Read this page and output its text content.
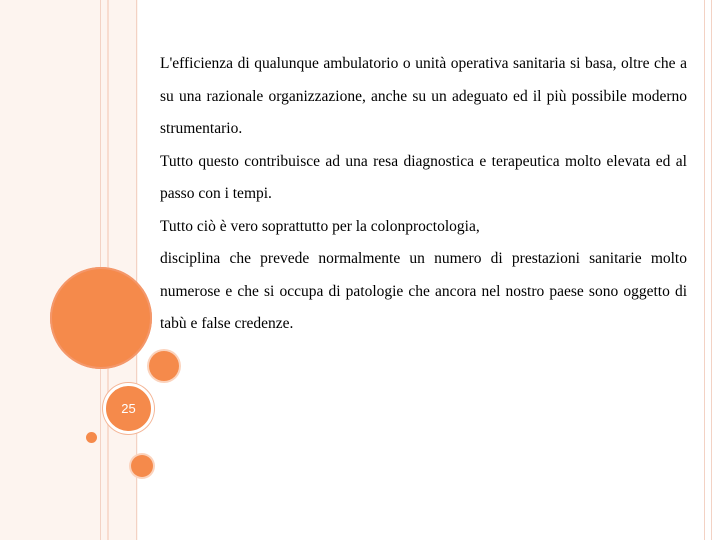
25

L'efficienza di qualunque ambulatorio o unità operativa sanitaria si basa, oltre che a su una razionale organizzazione, anche su un adeguato ed il più possibile moderno strumentario.

Tutto questo contribuisce ad una resa diagnostica e terapeutica molto elevata ed al passo con i tempi.

Tutto ciò è vero soprattutto per la colonproctologia,

disciplina che prevede normalmente un numero di prestazioni sanitarie molto numerose e che si occupa di patologie che ancora nel nostro paese sono oggetto di tabù e false credenze.
